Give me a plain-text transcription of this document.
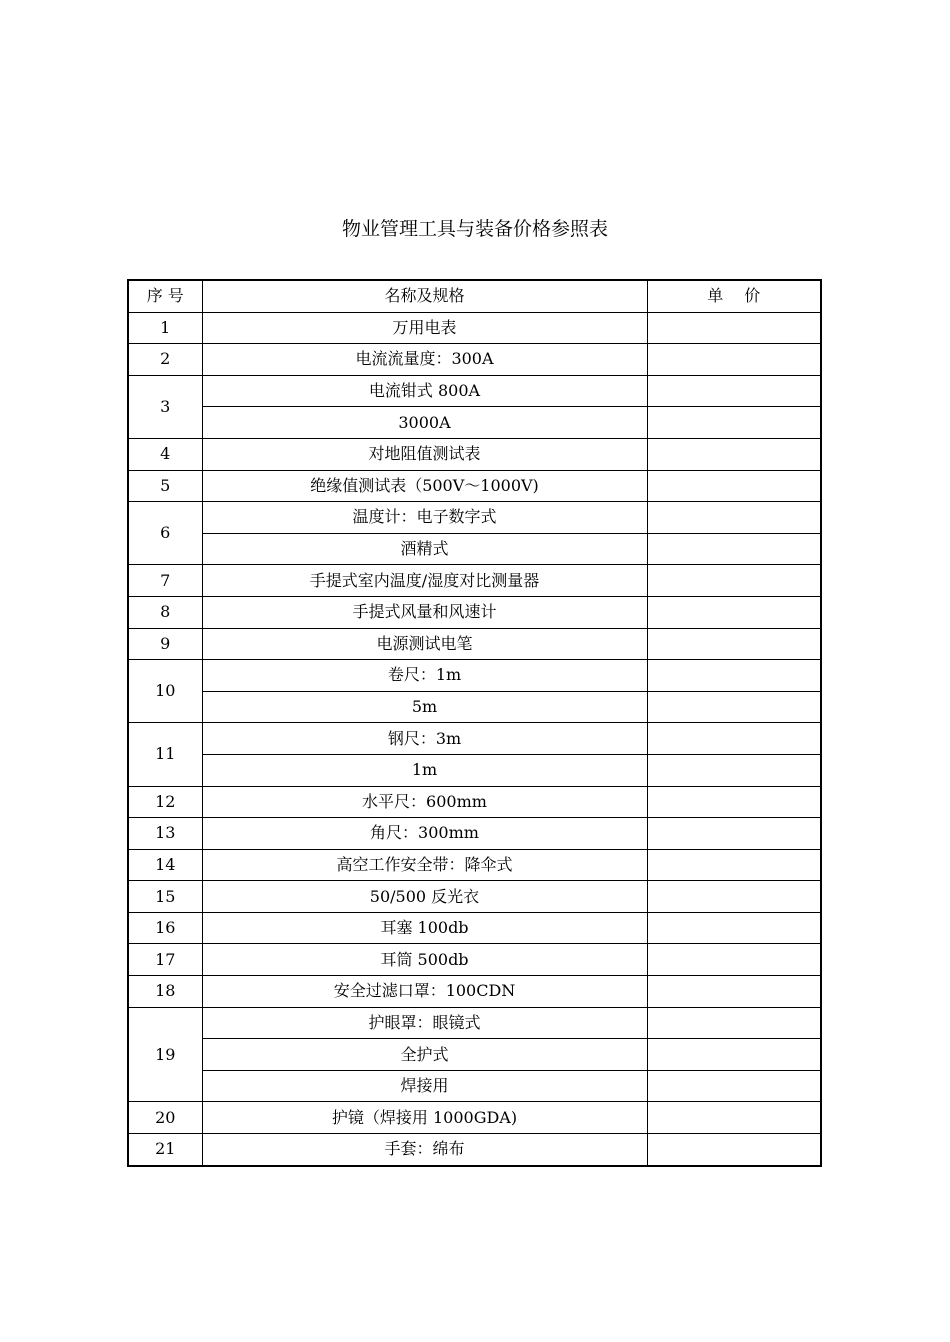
物业管理工具与装备价格参照表
序 号	名称及规格	单　 价
1	万用电表	
2	电流流量度：300A	
3	电流钳式 800A	
	3000A	
4	对地阻值测试表	
5	绝缘值测试表（500V～1000V)	
6	温度计：电子数字式	
	酒精式	
7	手提式室内温度/湿度对比测量器	
8	手提式风量和风速计	
9	电源测试电笔	
10	卷尺：1m	
	5m	
11	钢尺：3m	
	1m	
12	水平尺：600mm	
13	角尺：300mm	
14	高空工作安全带：降伞式	
15	50/500 反光衣	
16	耳塞 100db	
17	耳筒 500db	
18	安全过滤口罩：100CDN	
19	护眼罩：眼镜式	
	全护式	
	焊接用	
20	护镜（焊接用 1000GDA)	
21	手套：绵布	
